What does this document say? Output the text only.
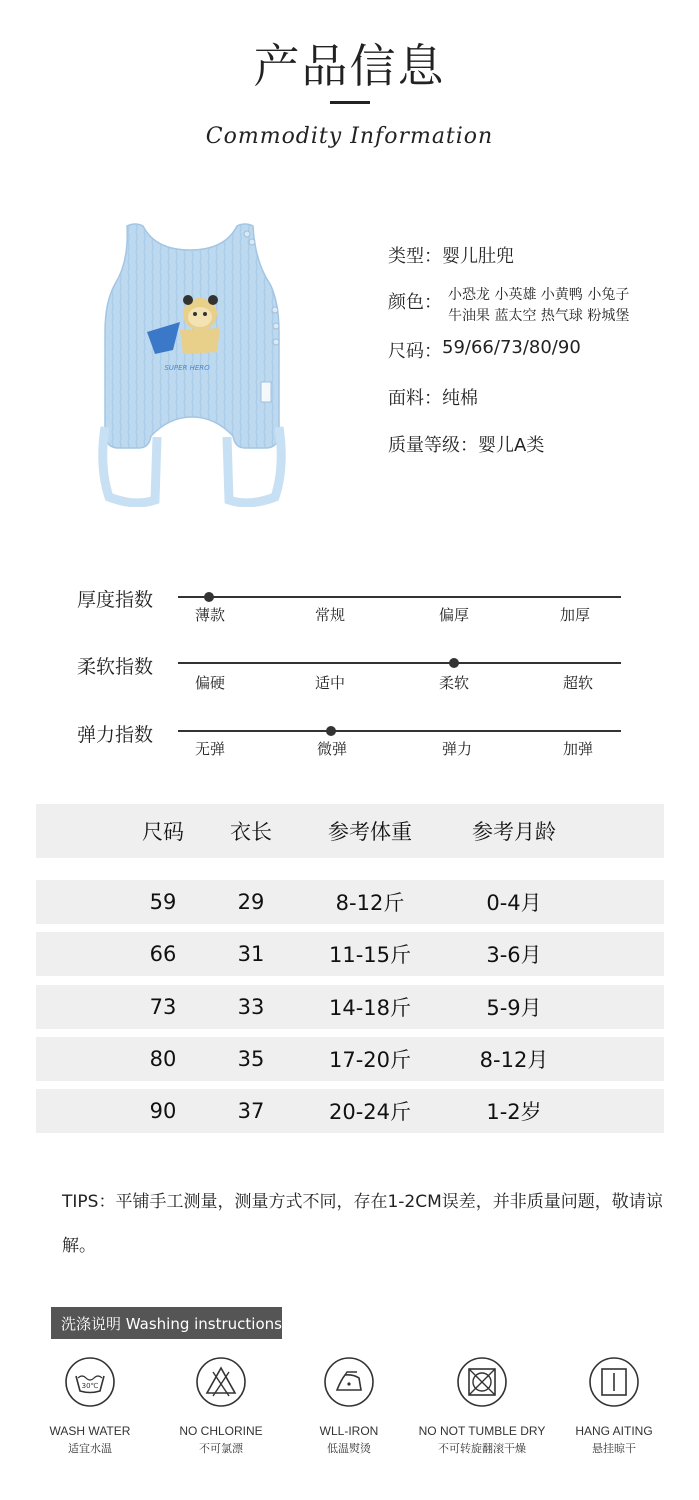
产品信息
Commodity Information
SUPER HERO
类型： 婴儿肚兜
颜色： 小恐龙 小英雄 小黄鸭 小兔子
牛油果 蓝太空 热气球 粉城堡
尺码： 59/66/73/80/90
面料： 纯棉
质量等级： 婴儿A类
厚度指数
薄款	常规	偏厚	加厚
柔软指数
偏硬	适中	柔软	超软
弹力指数
无弹	微弹	弹力	加弹
尺码	衣长	参考体重	参考月龄
59	29	8-12斤	0-4月
66	31	11-15斤	3-6月
73	33	14-18斤	5-9月
80	35	17-20斤	8-12月
90	37	20-24斤	1-2岁
TIPS：平铺手工测量，测量方式不同，存在1-2CM误差，并非质量问题，敬请谅解。
洗涤说明 Washing instructions
30℃
WASH WATER
适宜水温
NO CHLORINE
不可氯漂
WLL-IRON
低温熨烫
NO NOT TUMBLE DRY
不可转旋翻滚干燥
HANG AITING
悬挂晾干
